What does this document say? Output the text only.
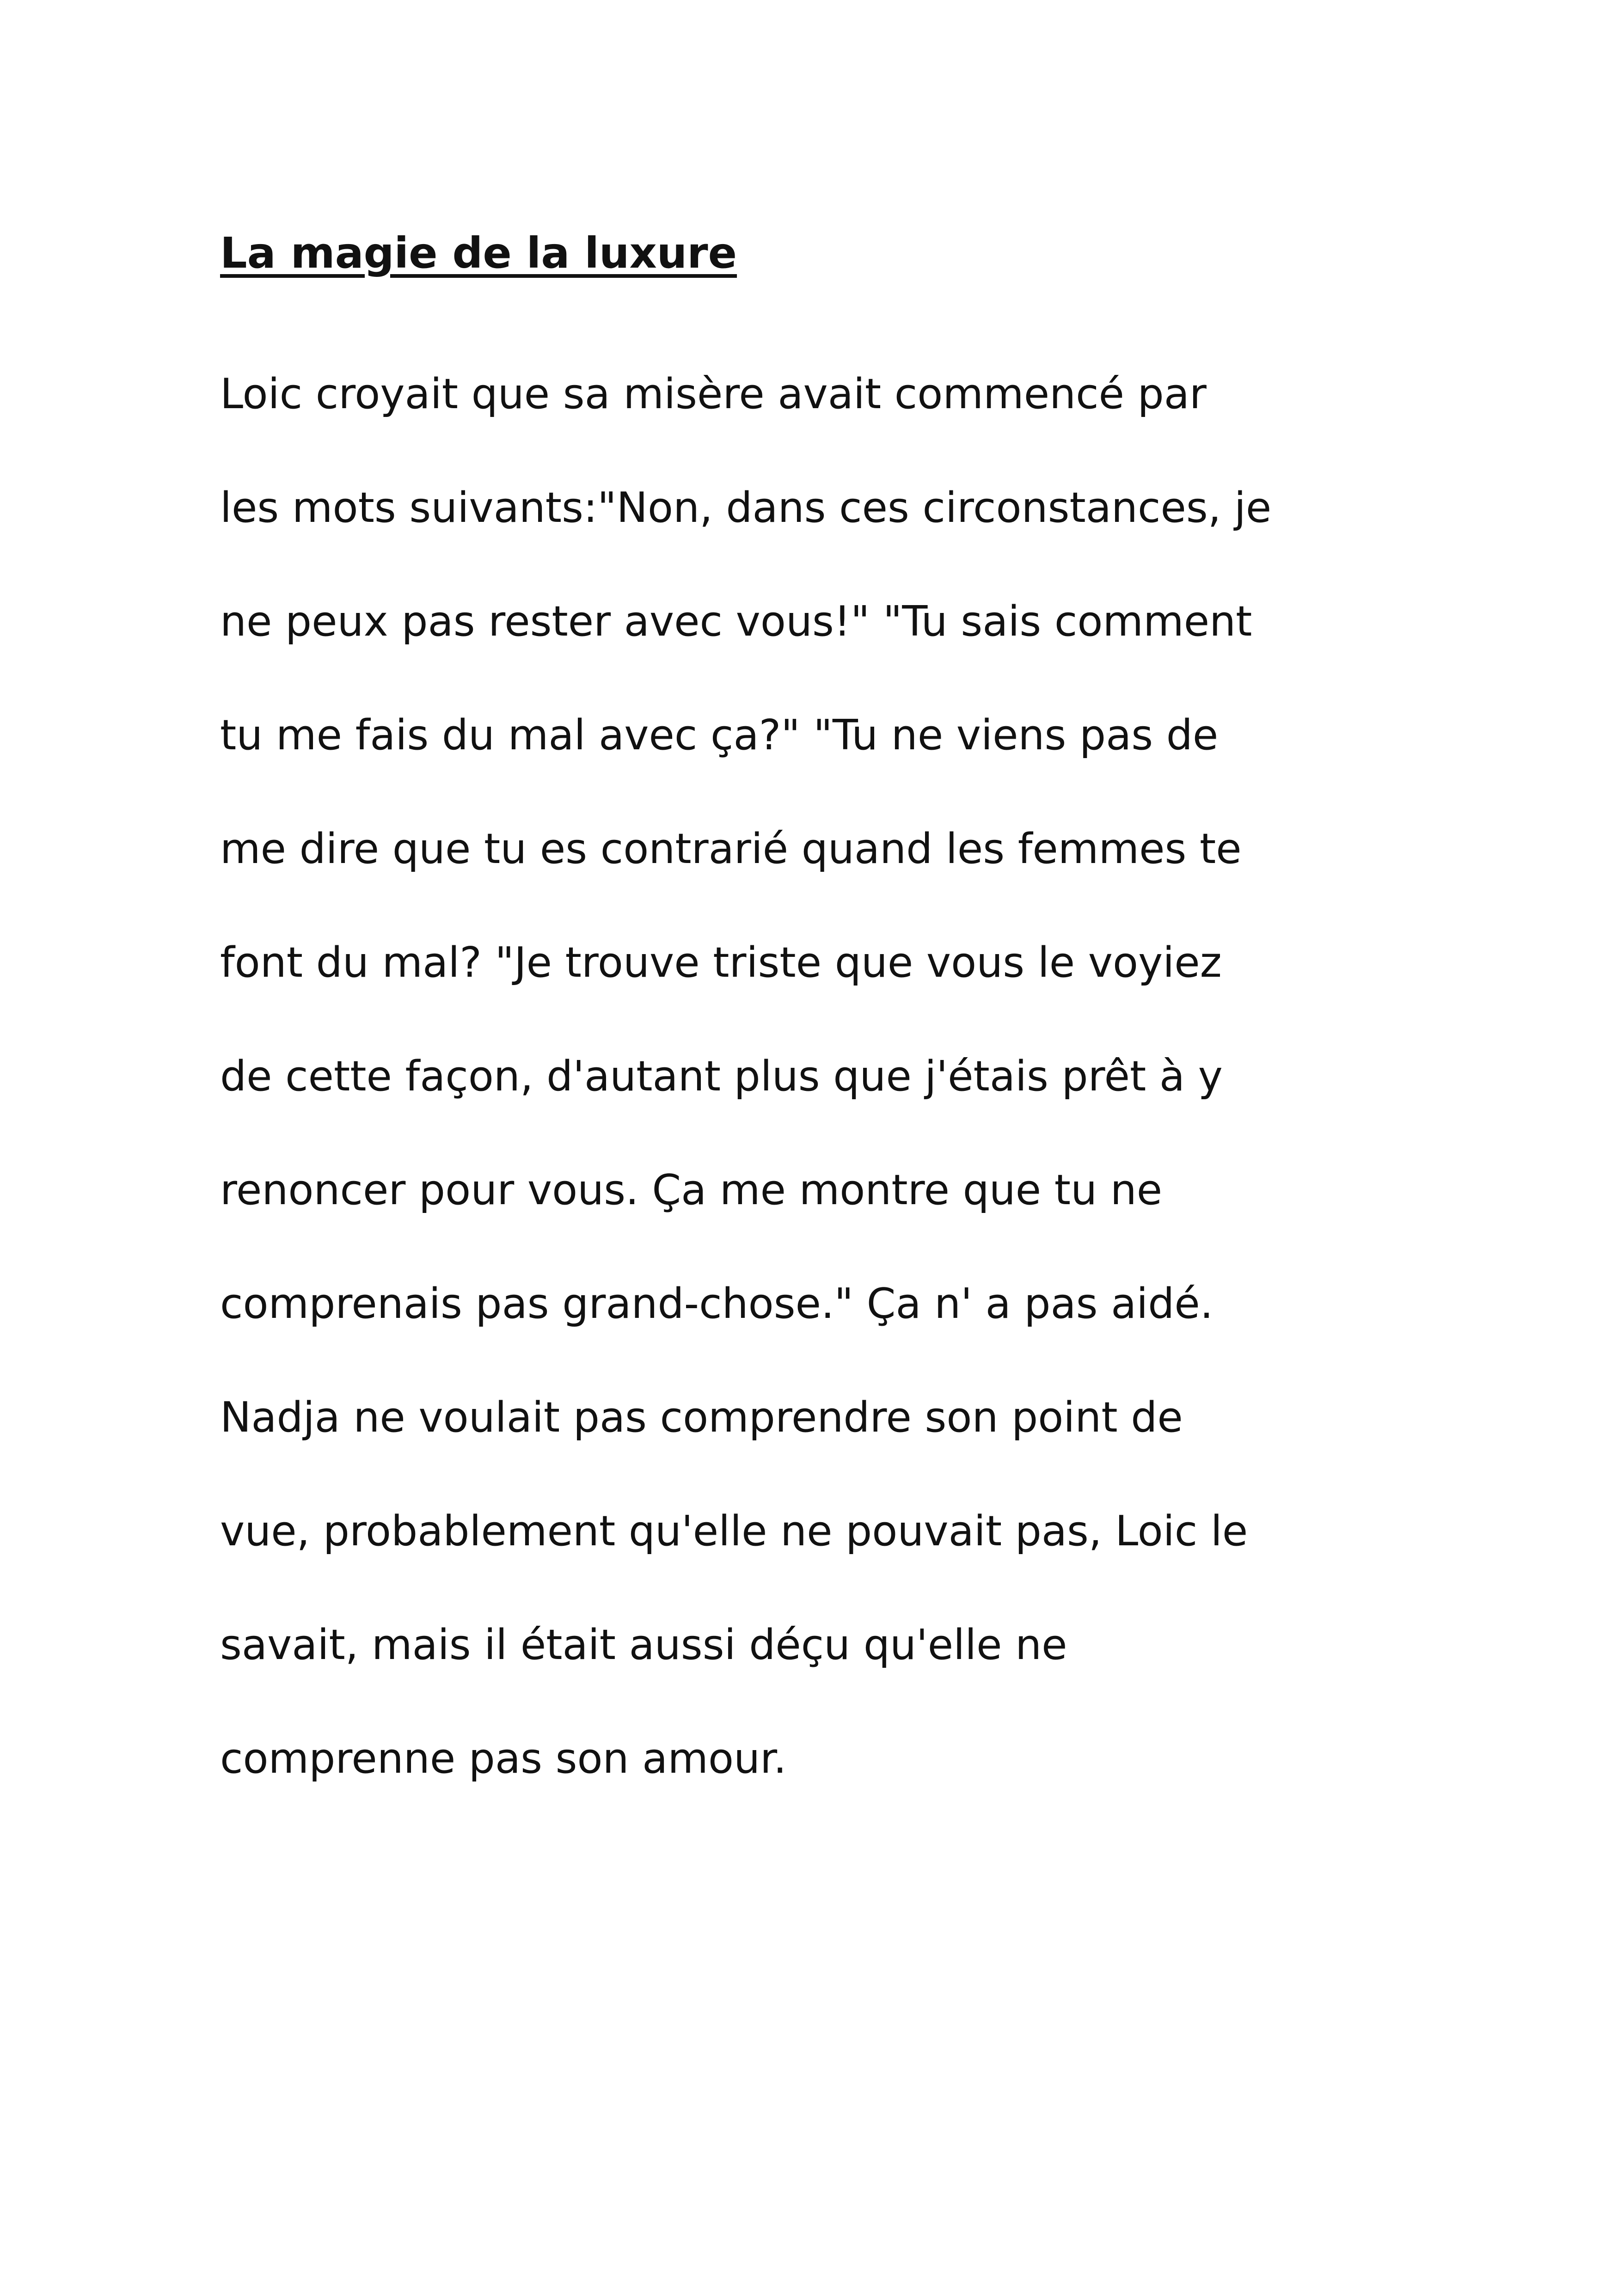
La magie de la luxure
Loic croyait que sa misère avait commencé par
les mots suivants:"Non, dans ces circonstances, je
ne peux pas rester avec vous!" "Tu sais comment
tu me fais du mal avec ça?" "Tu ne viens pas de
me dire que tu es contrarié quand les femmes te
font du mal? "Je trouve triste que vous le voyiez
de cette façon, d'autant plus que j'étais prêt à y
renoncer pour vous. Ça me montre que tu ne
comprenais pas grand-chose." Ça n' a pas aidé.
Nadja ne voulait pas comprendre son point de
vue, probablement qu'elle ne pouvait pas, Loic le
savait, mais il était aussi déçu qu'elle ne
comprenne pas son amour.
